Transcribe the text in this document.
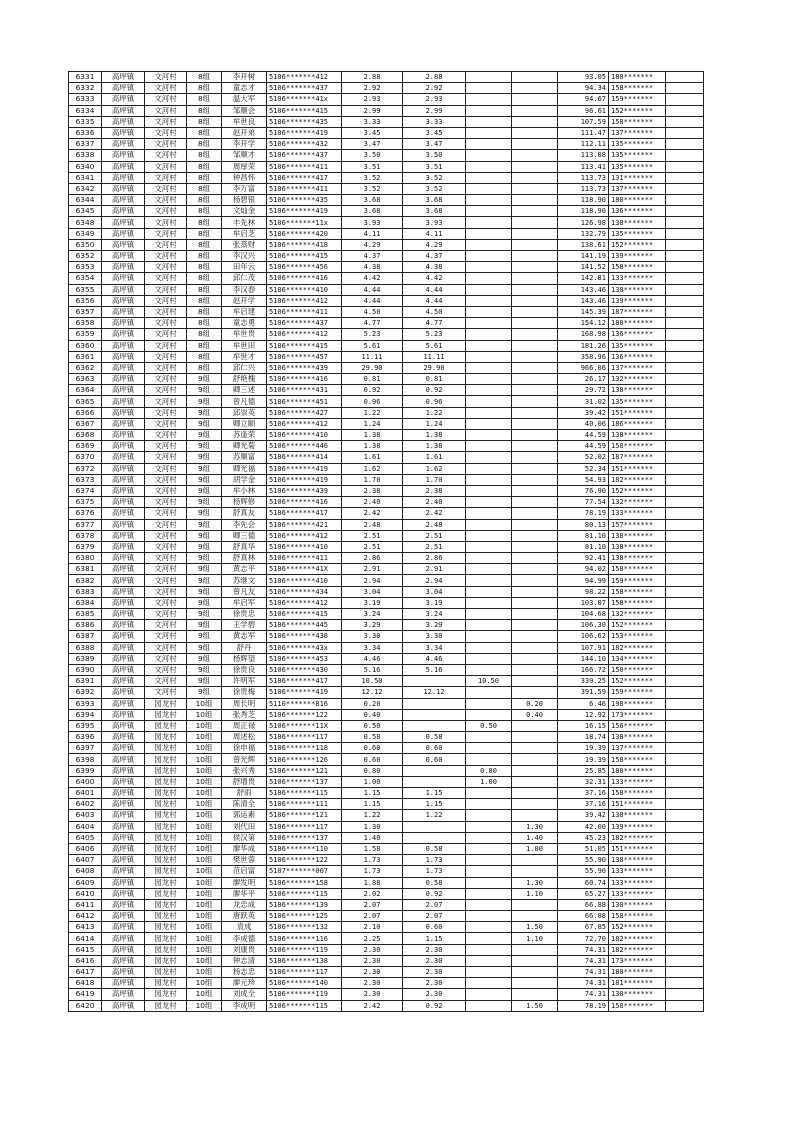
6331	高坪镇	文河村	8组	李开树	5106*******412	2.88	2.88			93.05	180*******	
6332	高坪镇	文河村	8组	童志才	5106*******437	2.92	2.92			94.34	158*******	
6333	高坪镇	文河村	8组	温大军	5106*******41x	2.93	2.93			94.67	159*******	
6334	高坪镇	文河村	8组	邹顺会	5106*******415	2.99	2.99			96.61	152*******	
6335	高坪镇	文河村	8组	牟世良	5106*******435	3.33	3.33			107.59	158*******	
6336	高坪镇	文河村	8组	赵开弟	5106*******419	3.45	3.45			111.47	137*******	
6337	高坪镇	文河村	8组	李开学	5106*******432	3.47	3.47			112.11	135*******	
6338	高坪镇	文河村	8组	邹顺才	5106*******437	3.50	3.50			113.08	135*******	
6340	高坪镇	文河村	8组	周厚荣	5106*******411	3.51	3.51			113.41	135*******	
6341	高坪镇	文河村	8组	钟昌怀	5106*******417	3.52	3.52			113.73	131*******	
6342	高坪镇	文河村	8组	李万富	5106*******411	3.52	3.52			113.73	137*******	
6344	高坪镇	文河村	8组	杨碧银	5106*******435	3.68	3.68			118.90	180*******	
6345	高坪镇	文河村	8组	文灿金	5106*******419	3.68	3.68			118.90	136*******	
6348	高坪镇	文河村	8组	丰先林	5106*******11x	3.93	3.93			126.98	138*******	
6349	高坪镇	文河村	8组	牟启芝	5106*******420	4.11	4.11			132.79	135*******	
6350	高坪镇	文河村	8组	张蒸财	5106*******418	4.29	4.29			138.61	152*******	
6352	高坪镇	文河村	8组	李汉兴	5106*******415	4.37	4.37			141.19	139*******	
6353	高坪镇	文河村	8组	田年云	5106*******456	4.38	4.38			141.52	158*******	
6354	高坪镇	文河村	8组	邱仁茂	5106*******416	4.42	4.42			142.81	133*******	
6355	高坪镇	文河村	8组	李汉春	5106*******410	4.44	4.44			143.46	138*******	
6356	高坪镇	文河村	8组	赵开学	5106*******412	4.44	4.44			143.46	139*******	
6357	高坪镇	文河村	8组	牟启建	5106*******411	4.50	4.50			145.39	187*******	
6358	高坪镇	文河村	8组	童志勇	5106*******437	4.77	4.77			154.12	180*******	
6359	高坪镇	文河村	8组	牟世贵	5106*******412	5.23	5.23			168.98	136*******	
6360	高坪镇	文河村	8组	牟世田	5106*******415	5.61	5.61			181.26	135*******	
6361	高坪镇	文河村	8组	牟世才	5106*******457	11.11	11.11			358.96	136*******	
6362	高坪镇	文河村	8组	邱仁兴	5106*******439	29.90	29.90			966.06	137*******	
6363	高坪镇	文河村	9组	舒艳槐	5106*******416	0.81	0.81			26.17	132*******	
6364	高坪镇	文河村	9组	卿三述	5106*******431	0.92	0.92			29.72	138*******	
6365	高坪镇	文河村	9组	曾凡德	5106*******451	0.96	0.96			31.02	135*******	
6366	高坪镇	文河村	9组	邱崇英	5106*******427	1.22	1.22			39.42	151*******	
6367	高坪镇	文河村	9组	卿立顺	5106*******412	1.24	1.24			40.06	186*******	
6368	高坪镇	文河村	9组	苏逢荣	5106*******410	1.38	1.38			44.59	138*******	
6369	高坪镇	文河村	9组	卿光菊	5106*******446	1.38	1.38			44.59	158*******	
6370	高坪镇	文河村	9组	苏顺富	5106*******414	1.61	1.61			52.02	187*******	
6372	高坪镇	文河村	9组	卿光福	5106*******419	1.62	1.62			52.34	151*******	
6373	高坪镇	文河村	9组	胡学金	5106*******419	1.70	1.70			54.93	182*******	
6374	高坪镇	文河村	9组	牟小林	5106*******439	2.38	2.38			76.90	152*******	
6375	高坪镇	文河村	9组	杨辉修	5106*******416	2.40	2.40			77.54	132*******	
6376	高坪镇	文河村	9组	舒真友	5106*******417	2.42	2.42			78.19	133*******	
6377	高坪镇	文河村	9组	李先会	5106*******421	2.48	2.48			80.13	157*******	
6378	高坪镇	文河村	9组	卿三德	5106*******412	2.51	2.51			81.10	138*******	
6379	高坪镇	文河村	9组	舒真华	5106*******410	2.51	2.51			81.10	138*******	
6380	高坪镇	文河村	9组	舒真林	5106*******411	2.86	2.86			92.41	138*******	
6381	高坪镇	文河村	9组	黄志平	5106*******41X	2.91	2.91			94.02	158*******	
6382	高坪镇	文河村	9组	苏继文	5106*******410	2.94	2.94			94.99	159*******	
6383	高坪镇	文河村	9组	曾凡友	5106*******434	3.04	3.04			98.22	158*******	
6384	高坪镇	文河村	9组	牟启军	5106*******412	3.19	3.19			103.07	158*******	
6385	高坪镇	文河村	9组	徐贵忠	5106*******415	3.24	3.24			104.68	132*******	
6386	高坪镇	文河村	9组	王学碧	5106*******445	3.29	3.29			106.30	152*******	
6387	高坪镇	文河村	9组	黄志军	5106*******438	3.30	3.30			106.62	153*******	
6388	高坪镇	文河村	9组	舒丹	5106*******43x	3.34	3.34			107.91	182*******	
6389	高坪镇	文河村	9组	杨辉望	5106*******453	4.46	4.46			144.10	134*******	
6390	高坪镇	文河村	9组	徐贵良	5106*******430	5.16	5.16			166.72	150*******	
6391	高坪镇	文河村	9组	许明军	5106*******417	10.50		10.50		339.25	152*******	
6392	高坪镇	文河村	9组	徐贵梅	5106*******419	12.12	12.12			391.59	159*******	
6393	高坪镇	园龙村	10组	周长明	5110*******816	0.20			0.20	6.46	198*******	
6394	高坪镇	园龙村	10组	张秀芝	5106*******122	0.40			0.40	12.92	173*******	
6395	高坪镇	园龙村	10组	周正禄	5106*******11X	0.50		0.50		16.15	156*******	
6396	高坪镇	园龙村	10组	周述松	5106*******117	0.58	0.58			18.74	138*******	
6397	高坪镇	园龙村	10组	徐申福	5106*******118	0.60	0.60			19.39	137*******	
6398	高坪镇	园龙村	10组	曾光辉	5106*******126	0.60	0.60			19.39	158*******	
6399	高坪镇	园龙村	10组	张兴秀	5106*******121	0.80		0.80		25.85	180*******	
6400	高坪镇	园龙村	10组	舒增贵	5106*******137	1.00		1.00		32.31	133*******	
6401	高坪镇	园龙村	10组	舒雨	5106*******115	1.15	1.15			37.16	158*******	
6402	高坪镇	园龙村	10组	陈清全	5106*******111	1.15	1.15			37.16	151*******	
6403	高坪镇	园龙村	10组	郭运素	5106*******121	1.22	1.22			39.42	138*******	
6404	高坪镇	园龙村	10组	刘代田	5106*******117	1.30			1.30	42.00	139*******	
6405	高坪镇	园龙村	10组	侯汉第	5106*******137	1.40			1.40	45.23	182*******	
6406	高坪镇	园龙村	10组	廖华成	5106*******110	1.58	0.58		1.00	51.05	151*******	
6407	高坪镇	园龙村	10组	樊世蓉	5106*******122	1.73	1.73			55.90	138*******	
6408	高坪镇	园龙村	10组	范启富	5107*******007	1.73	1.73			55.90	133*******	
6409	高坪镇	园龙村	10组	廖发明	5106*******158	1.88	0.58		1.30	60.74	133*******	
6410	高坪镇	园龙村	10组	廖华平	5106*******115	2.02	0.92		1.10	65.27	133*******	
6411	高坪镇	园龙村	10组	龙忠成	5106*******139	2.07	2.07			66.88	130*******	
6412	高坪镇	园龙村	10组	唐跃英	5106*******125	2.07	2.07			66.88	158*******	
6413	高坪镇	园龙村	10组	袁成	5106*******132	2.10	0.60		1.50	67.85	152*******	
6414	高坪镇	园龙村	10组	李成德	5106*******116	2.25	1.15		1.10	72.70	182*******	
6415	高坪镇	园龙村	10组	刘康贵	5106*******119	2.30	2.30			74.31	182*******	
6416	高坪镇	园龙村	10组	钟志清	5106*******138	2.30	2.30			74.31	173*******	
6417	高坪镇	园龙村	10组	杨志忠	5106*******117	2.30	2.30			74.31	180*******	
6418	高坪镇	园龙村	10组	廖元珍	5106*******140	2.30	2.30			74.31	181*******	
6419	高坪镇	园龙村	10组	刘成全	5106*******119	2.30	2.30			74.31	130*******	
6420	高坪镇	园龙村	10组	李成明	5106*******115	2.42	0.92		1.50	78.19	158*******	
